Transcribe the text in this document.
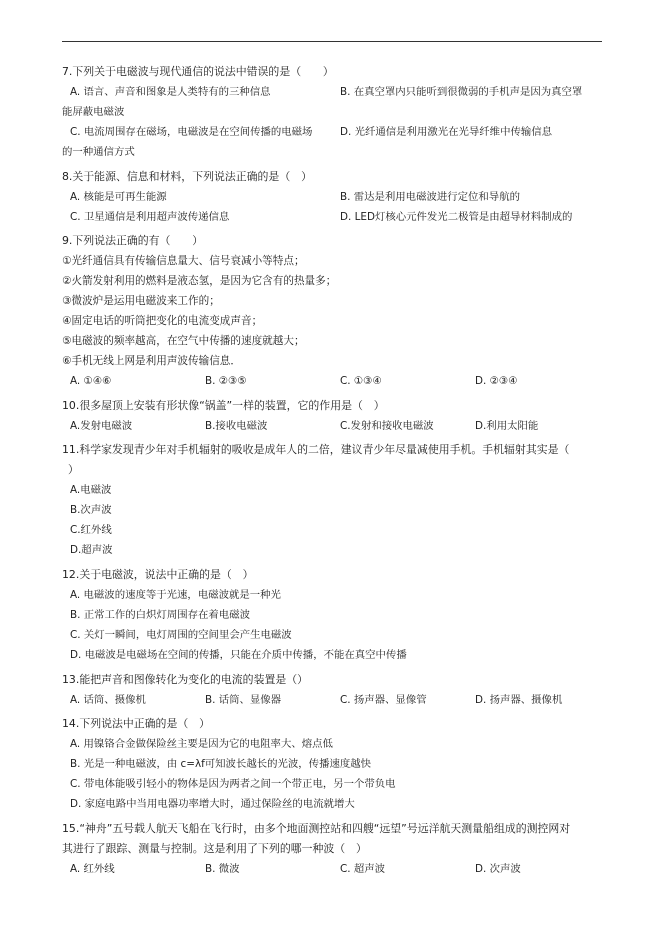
7.下列关于电磁波与现代通信的说法中错误的是（　　）
A. 语言、声音和图象是人类特有的三种信息	B. 在真空罩内只能听到很微弱的手机声是因为真空罩
能屏蔽电磁波
C. 电流周围存在磁场，电磁波是在空间传播的电磁场	D. 光纤通信是利用激光在光导纤维中传输信息
的一种通信方式
8.关于能源、信息和材料，下列说法正确的是（　）
A. 核能是可再生能源	B. 雷达是利用电磁波进行定位和导航的
C. 卫星通信是利用超声波传递信息	D. LED灯核心元件发光二极管是由超导材料制成的
9.下列说法正确的有（　　）
①光纤通信具有传输信息量大、信号衰减小等特点；
②火箭发射利用的燃料是液态氢，是因为它含有的热量多；
③微波炉是运用电磁波来工作的；
④固定电话的听筒把变化的电流变成声音；
⑤电磁波的频率越高，在空气中传播的速度就越大；
⑥手机无线上网是利用声波传输信息．
A. ①④⑥	B. ②③⑤	C. ①③④	D. ②③④
10.很多屋顶上安装有形状像“锅盖”一样的装置，它的作用是（　）
A.发射电磁波	B.接收电磁波	C.发射和接收电磁波	D.利用太阳能
11.科学家发现青少年对手机辐射的吸收是成年人的二倍，建议青少年尽量减使用手机。手机辐射其实是（
）
A.电磁波
B.次声波
C.红外线
D.超声波
12.关于电磁波，说法中正确的是（　）
A. 电磁波的速度等于光速，电磁波就是一种光
B. 正常工作的白炽灯周围存在着电磁波
C. 关灯一瞬间，电灯周围的空间里会产生电磁波
D. 电磁波是电磁场在空间的传播，只能在介质中传播，不能在真空中传播
13.能把声音和图像转化为变化的电流的装置是（）
A. 话筒、摄像机	B. 话筒、显像器	C. 扬声器、显像管	D. 扬声器、摄像机
14.下列说法中正确的是（　）
A. 用镍铬合金做保险丝主要是因为它的电阻率大、熔点低
B. 光是一种电磁波，由 c=λf可知波长越长的光波，传播速度越快
C. 带电体能吸引轻小的物体是因为两者之间一个带正电，另一个带负电
D. 家庭电路中当用电器功率增大时，通过保险丝的电流就增大
15.“神舟”五号载人航天飞船在飞行时，由多个地面测控站和四艘“远望”号远洋航天测量船组成的测控网对
其进行了跟踪、测量与控制。这是利用了下列的哪一种波（　）
A. 红外线	B. 微波	C. 超声波	D. 次声波
